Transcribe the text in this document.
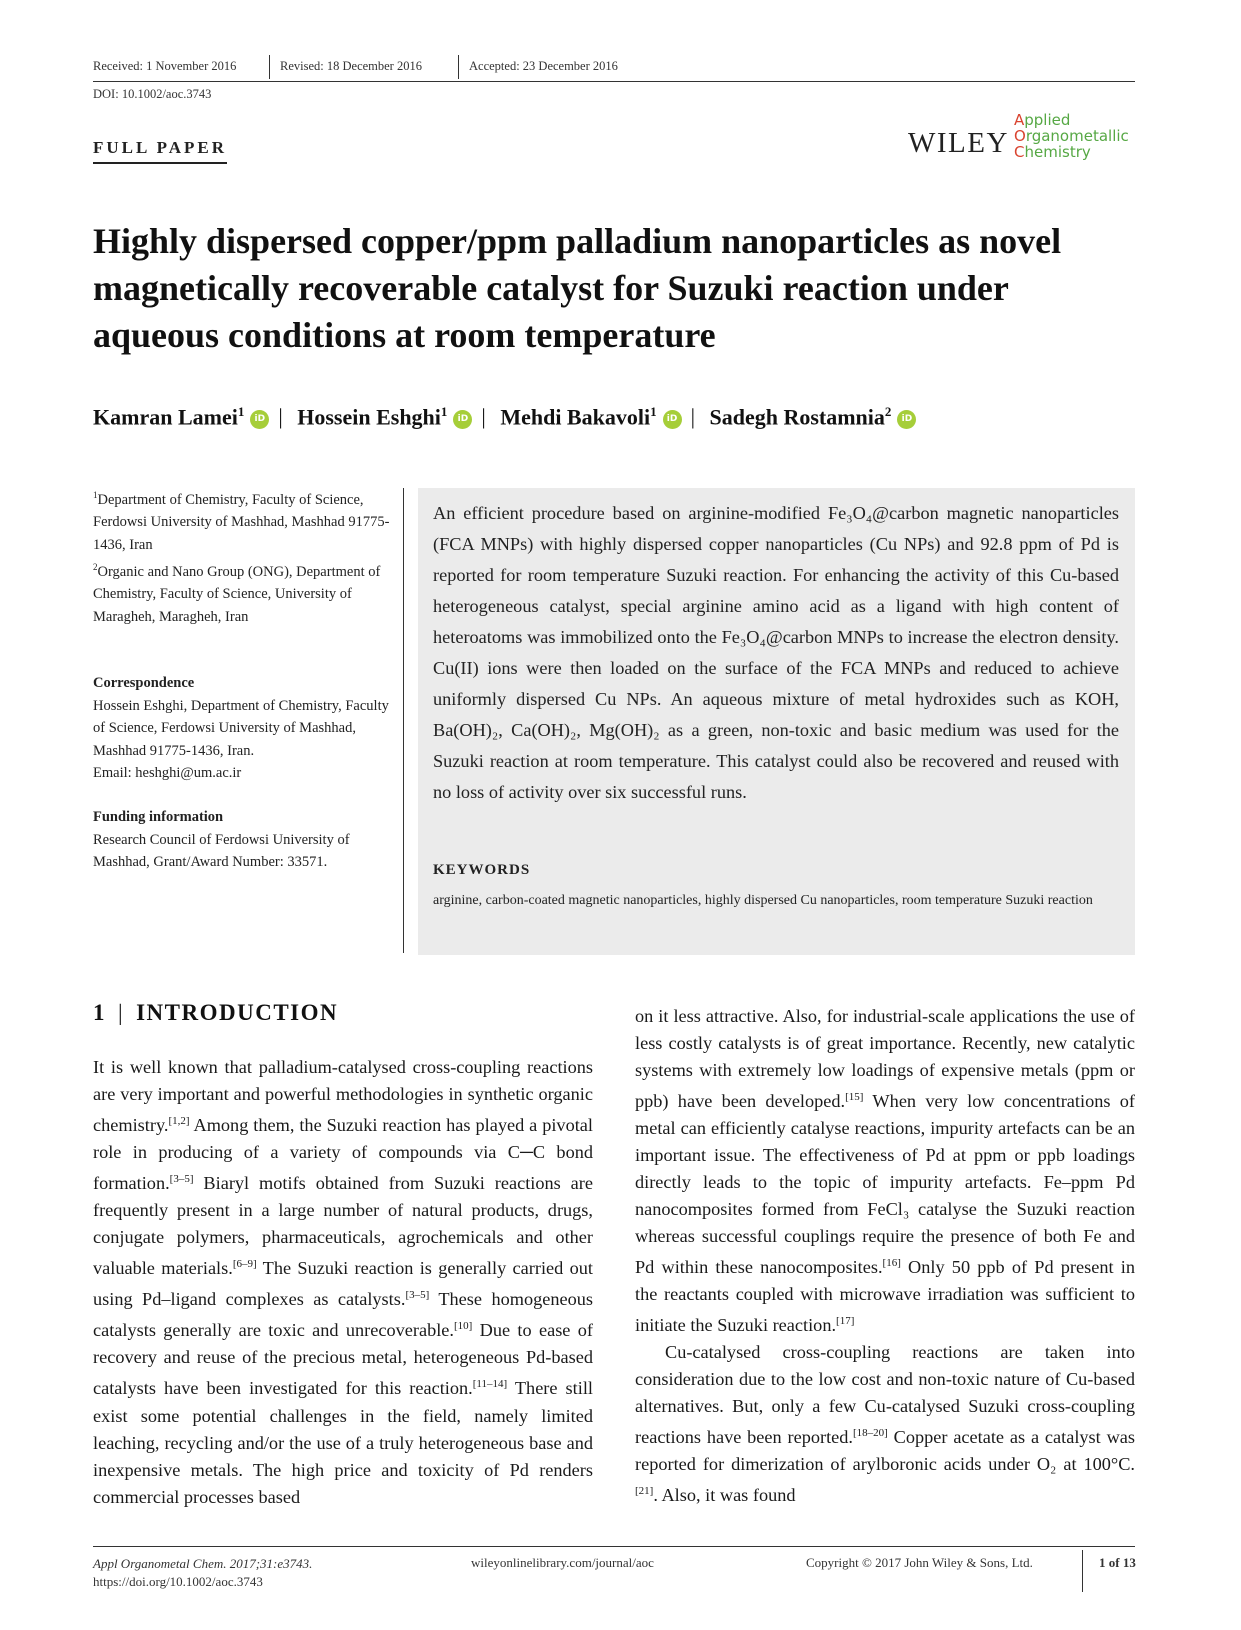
Received: 1 November 2016	Revised: 18 December 2016	Accepted: 23 December 2016
DOI: 10.1002/aoc.3743
FULL PAPER	WILEY
Applied
Organometallic
Chemistry
Highly dispersed copper/ppm palladium nanoparticles as novel magnetically recoverable catalyst for Suzuki reaction under aqueous conditions at room temperature
Kamran Lamei$^1$iD | Hossein Eshghi$^1$iD | Mehdi Bakavoli$^1$iD | Sadegh Rostamnia$^2$iD
$^1$Department of Chemistry, Faculty of Science, Ferdowsi University of Mashhad, Mashhad 91775-1436, Iran
$^2$Organic and Nano Group (ONG), Department of Chemistry, Faculty of Science, University of Maragheh, Maragheh, Iran
Correspondence
Hossein Eshghi, Department of Chemistry, Faculty of Science, Ferdowsi University of Mashhad, Mashhad 91775-1436, Iran.
Email: heshghi@um.ac.ir
Funding information
Research Council of Ferdowsi University of Mashhad, Grant/Award Number: 33571.
An efficient procedure based on arginine-modified Fe₃O₄@carbon magnetic nanoparticles (FCA MNPs) with highly dispersed copper nanoparticles (Cu NPs) and 92.8 ppm of Pd is reported for room temperature Suzuki reaction. For enhancing the activity of this Cu-based heterogeneous catalyst, special arginine amino acid as a ligand with high content of heteroatoms was immobilized onto the Fe₃O₄@carbon MNPs to increase the electron density. Cu(II) ions were then loaded on the surface of the FCA MNPs and reduced to achieve uniformly dispersed Cu NPs. An aqueous mixture of metal hydroxides such as KOH, Ba(OH)₂, Ca(OH)₂, Mg(OH)₂ as a green, non-toxic and basic medium was used for the Suzuki reaction at room temperature. This catalyst could also be recovered and reused with no loss of activity over six successful runs.
KEYWORDS
arginine, carbon-coated magnetic nanoparticles, highly dispersed Cu nanoparticles, room temperature Suzuki reaction
1 | INTRODUCTION

It is well known that palladium-catalysed cross-coupling reactions are very important and powerful methodologies in synthetic organic chemistry.[1,2] Among them, the Suzuki reaction has played a pivotal role in producing of a variety of compounds via C─C bond formation.[3–5] Biaryl motifs obtained from Suzuki reactions are frequently present in a large number of natural products, drugs, conjugate polymers, pharmaceuticals, agrochemicals and other valuable materials.[6–9] The Suzuki reaction is generally carried out using Pd–ligand complexes as catalysts.[3–5] These homogeneous catalysts generally are toxic and unrecoverable.[10] Due to ease of recovery and reuse of the precious metal, heterogeneous Pd-based catalysts have been investigated for this reaction.[11–14] There still exist some potential challenges in the field, namely limited leaching, recycling and/or the use of a truly heterogeneous base and inexpensive metals. The high price and toxicity of Pd renders commercial processes based

on it less attractive. Also, for industrial-scale applications the use of less costly catalysts is of great importance. Recently, new catalytic systems with extremely low loadings of expensive metals (ppm or ppb) have been developed.[15] When very low concentrations of metal can efficiently catalyse reactions, impurity artefacts can be an important issue. The effectiveness of Pd at ppm or ppb loadings directly leads to the topic of impurity artefacts. Fe–ppm Pd nanocomposites formed from FeCl₃ catalyse the Suzuki reaction whereas successful couplings require the presence of both Fe and Pd within these nanocomposites.[16] Only 50 ppb of Pd present in the reactants coupled with microwave irradiation was sufficient to initiate the Suzuki reaction.[17]

Cu-catalysed cross-coupling reactions are taken into consideration due to the low cost and non-toxic nature of Cu-based alternatives. But, only a few Cu-catalysed Suzuki cross-coupling reactions have been reported.[18–20] Copper acetate as a catalyst was reported for dimerization of arylboronic acids under O₂ at 100°C.[21]. Also, it was found

Appl Organometal Chem. 2017;31:e3743.
https://doi.org/10.1002/aoc.3743
wileyonlinelibrary.com/journal/aoc	Copyright © 2017 John Wiley & Sons, Ltd.	1 of 13
